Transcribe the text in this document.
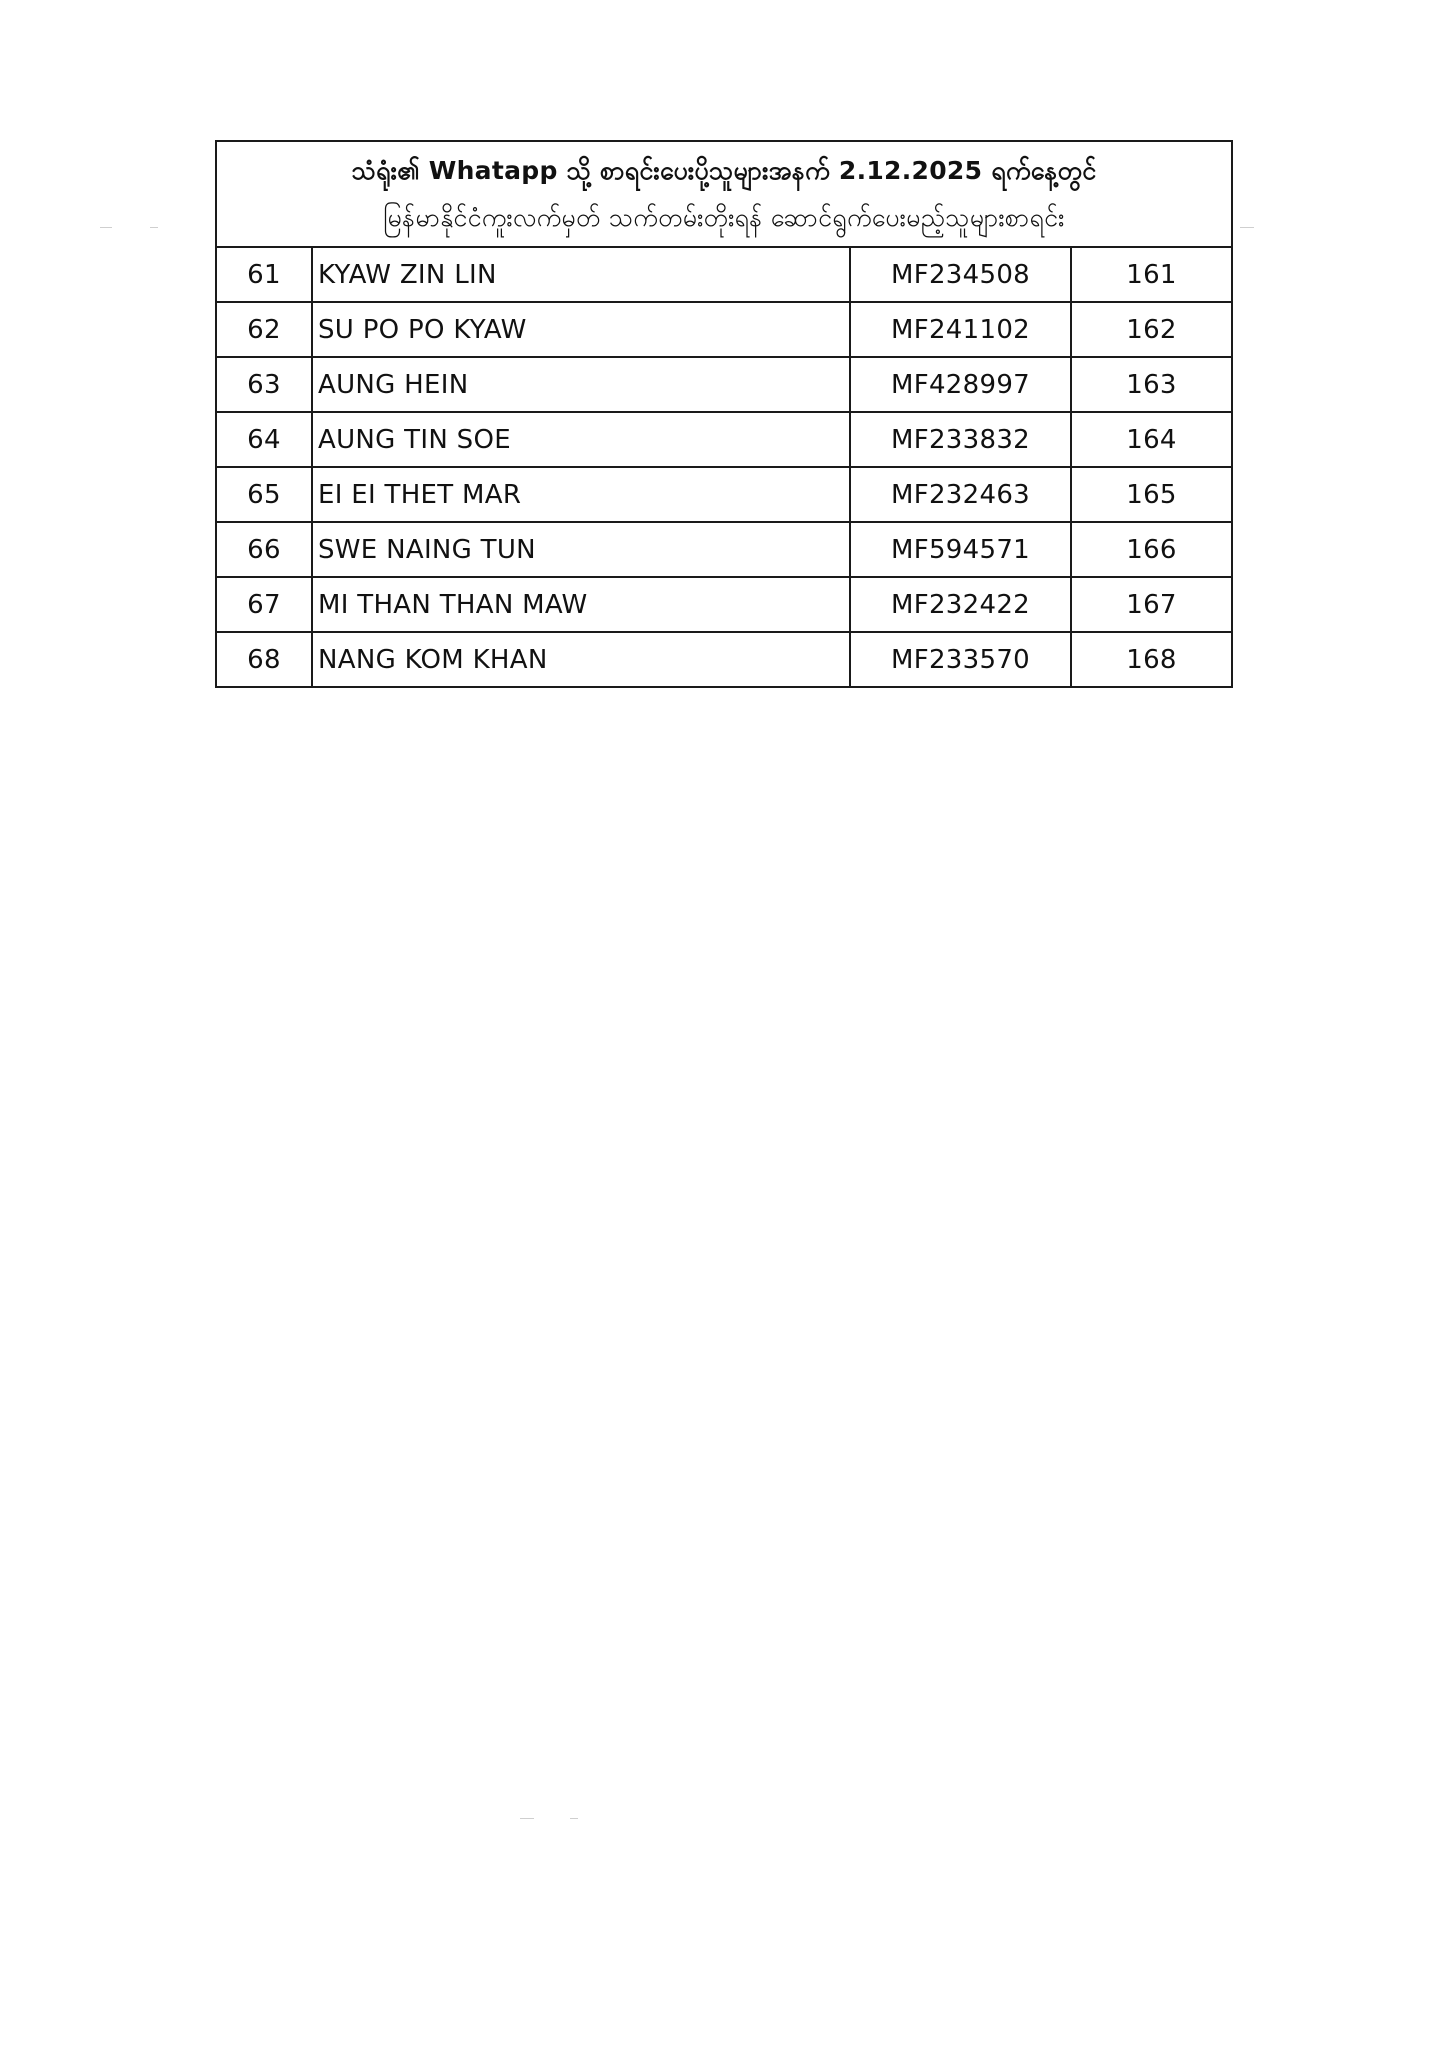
သံရုံး၏ Whatapp သို့ စာရင်းပေးပို့သူများအနက် 2.12.2025 ရက်နေ့တွင်
မြန်မာနိုင်ငံကူးလက်မှတ် သက်တမ်းတိုးရန် ဆောင်ရွက်ပေးမည့်သူများစာရင်း			

61	KYAW ZIN LIN	MF234508	161
62	SU PO PO KYAW	MF241102	162
63	AUNG HEIN	MF428997	163
64	AUNG TIN SOE	MF233832	164
65	EI EI THET MAR	MF232463	165
66	SWE NAING TUN	MF594571	166
67	MI THAN THAN MAW	MF232422	167
68	NANG KOM KHAN	MF233570	168
